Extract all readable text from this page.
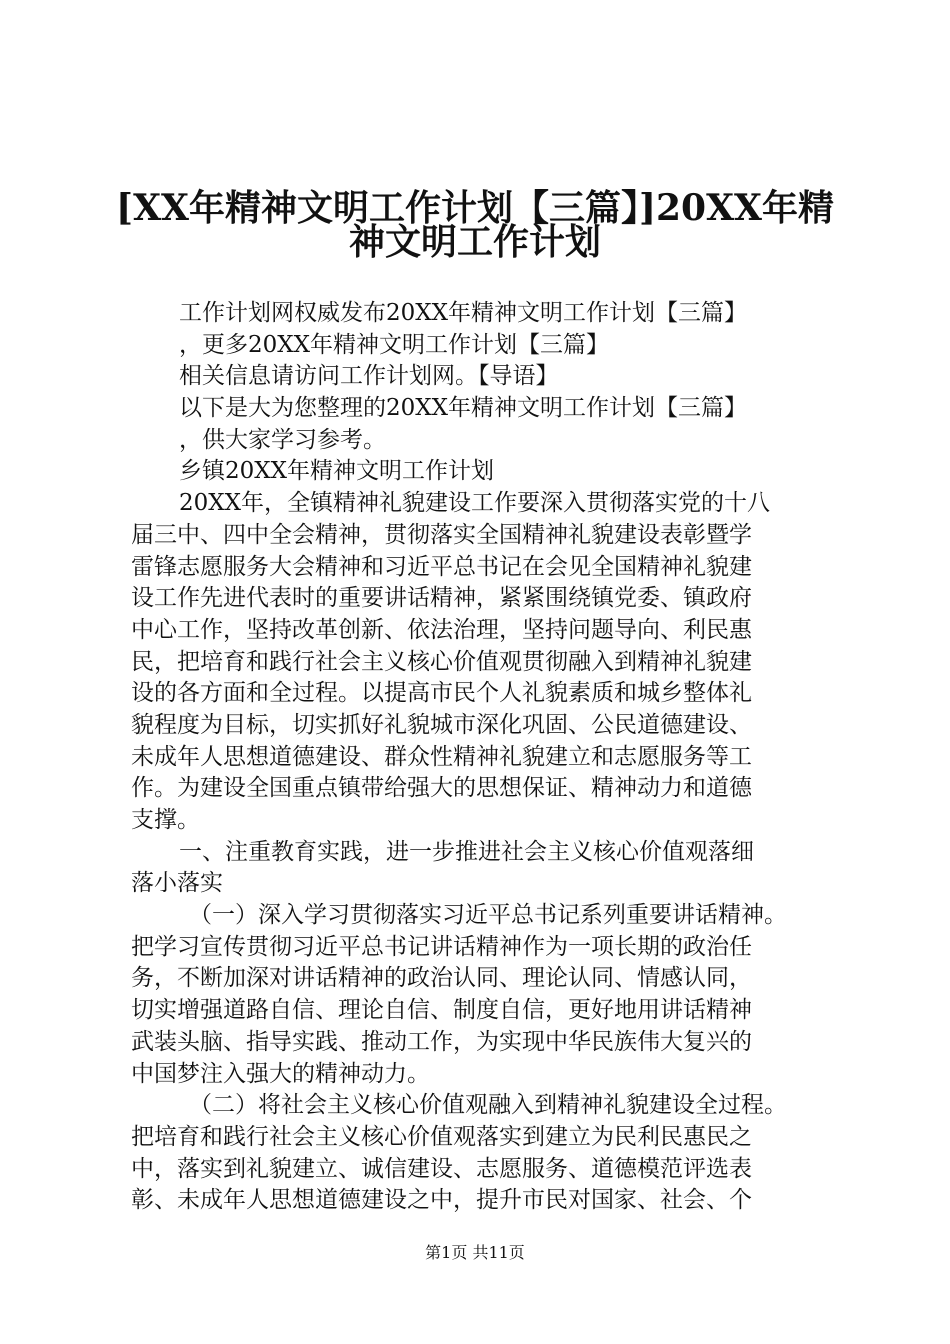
[XX年精神文明工作计划【三篇】]20XX年精
神文明工作计划
工作计划网权威发布20XX年精神文明工作计划【三篇】
，更多20XX年精神文明工作计划【三篇】
相关信息请访问工作计划网。【导语】
以下是大为您整理的20XX年精神文明工作计划【三篇】
，供大家学习参考。
乡镇20XX年精神文明工作计划
20XX年，全镇精神礼貌建设工作要深入贯彻落实党的十八
届三中、四中全会精神，贯彻落实全国精神礼貌建设表彰暨学
雷锋志愿服务大会精神和习近平总书记在会见全国精神礼貌建
设工作先进代表时的重要讲话精神，紧紧围绕镇党委、镇政府
中心工作，坚持改革创新、依法治理，坚持问题导向、利民惠
民，把培育和践行社会主义核心价值观贯彻融入到精神礼貌建
设的各方面和全过程。以提高市民个人礼貌素质和城乡整体礼
貌程度为目标，切实抓好礼貌城市深化巩固、公民道德建设、
未成年人思想道德建设、群众性精神礼貌建立和志愿服务等工
作。为建设全国重点镇带给强大的思想保证、精神动力和道德
支撑。
一、注重教育实践，进一步推进社会主义核心价值观落细
落小落实
（一）深入学习贯彻落实习近平总书记系列重要讲话精神。
把学习宣传贯彻习近平总书记讲话精神作为一项长期的政治任
务，不断加深对讲话精神的政治认同、理论认同、情感认同，
切实增强道路自信、理论自信、制度自信，更好地用讲话精神
武装头脑、指导实践、推动工作，为实现中华民族伟大复兴的
中国梦注入强大的精神动力。
（二）将社会主义核心价值观融入到精神礼貌建设全过程。
把培育和践行社会主义核心价值观落实到建立为民利民惠民之
中，落实到礼貌建立、诚信建设、志愿服务、道德模范评选表
彰、未成年人思想道德建设之中，提升市民对国家、社会、个
第1页 共11页
